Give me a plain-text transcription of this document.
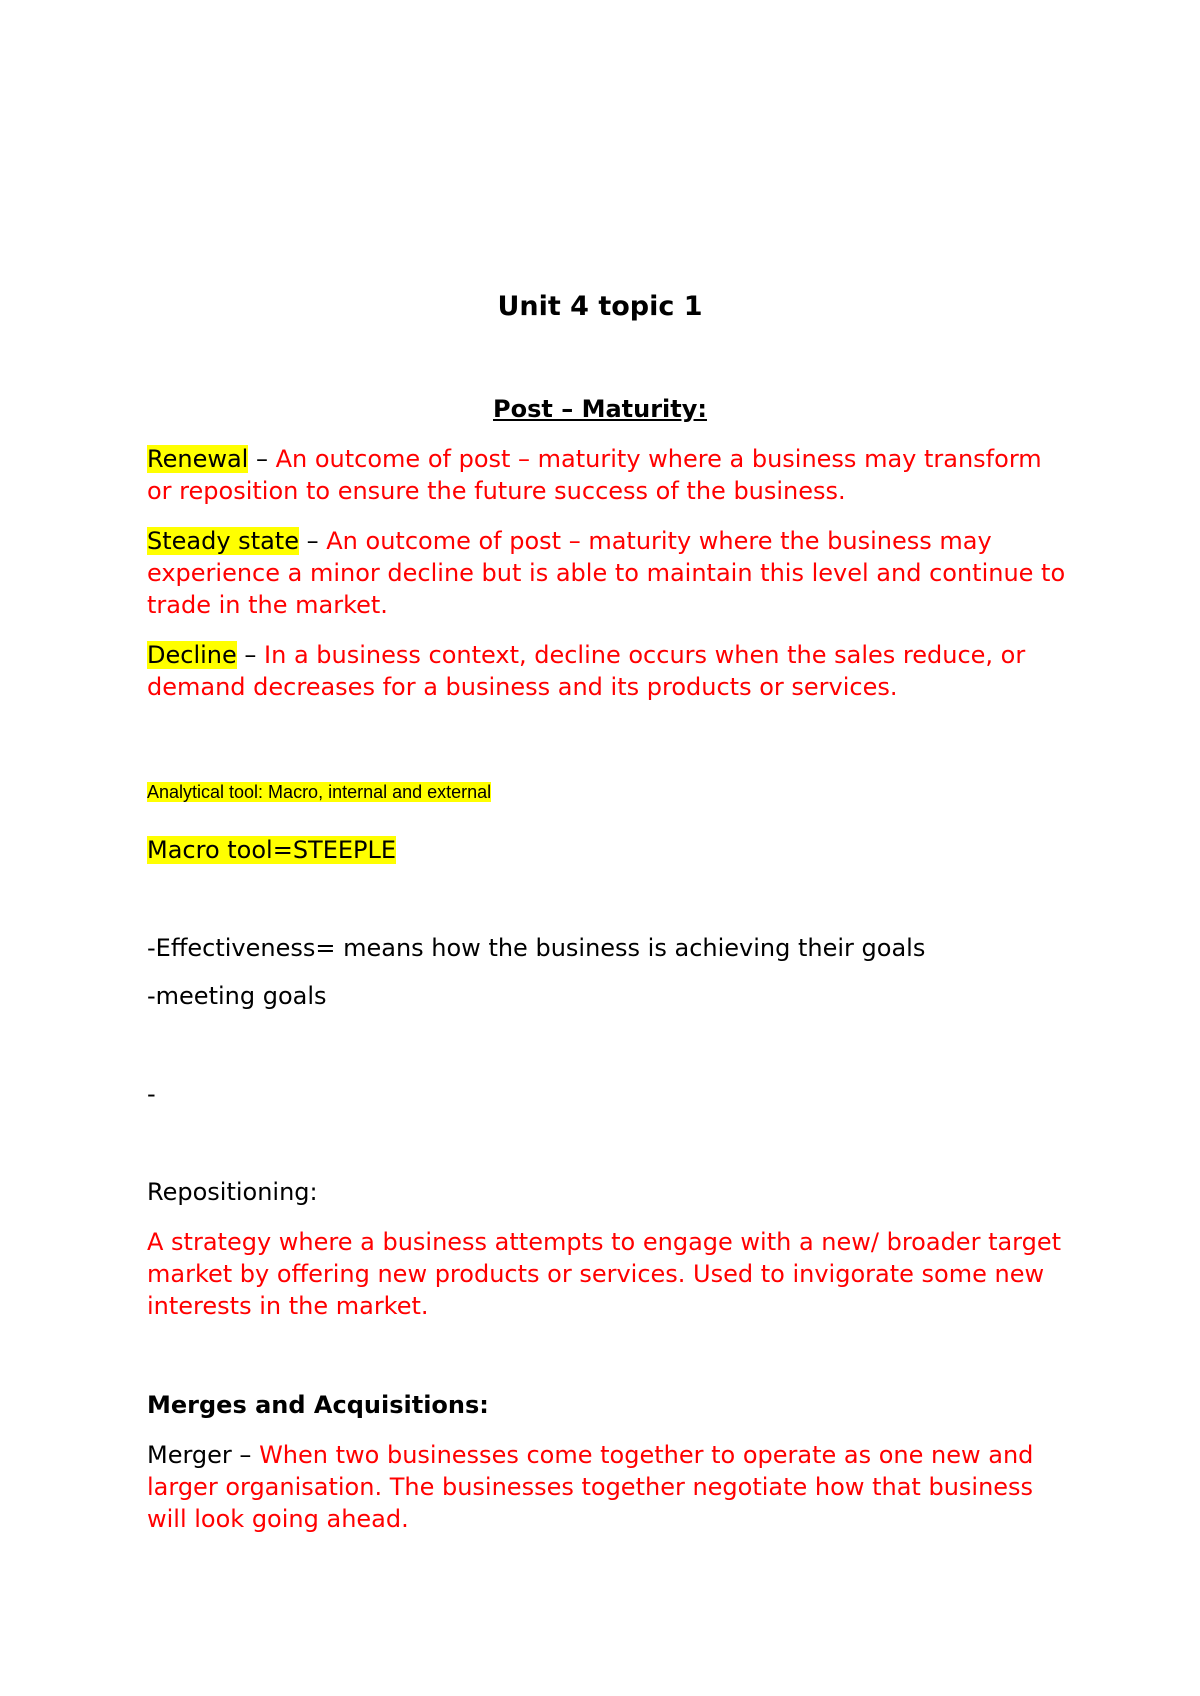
Unit 4 topic 1
Post – Maturity:

Renewal – An outcome of post – maturity where a business may transform or reposition to ensure the future success of the business.

Steady state – An outcome of post – maturity where the business may experience a minor decline but is able to maintain this level and continue to trade in the market.

Decline – In a business context, decline occurs when the sales reduce, or demand decreases for a business and its products or services.

Analytical tool: Macro, internal and external

Macro tool=STEEPLE

-Effectiveness= means how the business is achieving their goals

-meeting goals

-

Repositioning:

A strategy where a business attempts to engage with a new/ broader target market by offering new products or services. Used to invigorate some new interests in the market.

Merges and Acquisitions:

Merger – When two businesses come together to operate as one new and larger organisation. The businesses together negotiate how that business will look going ahead.
